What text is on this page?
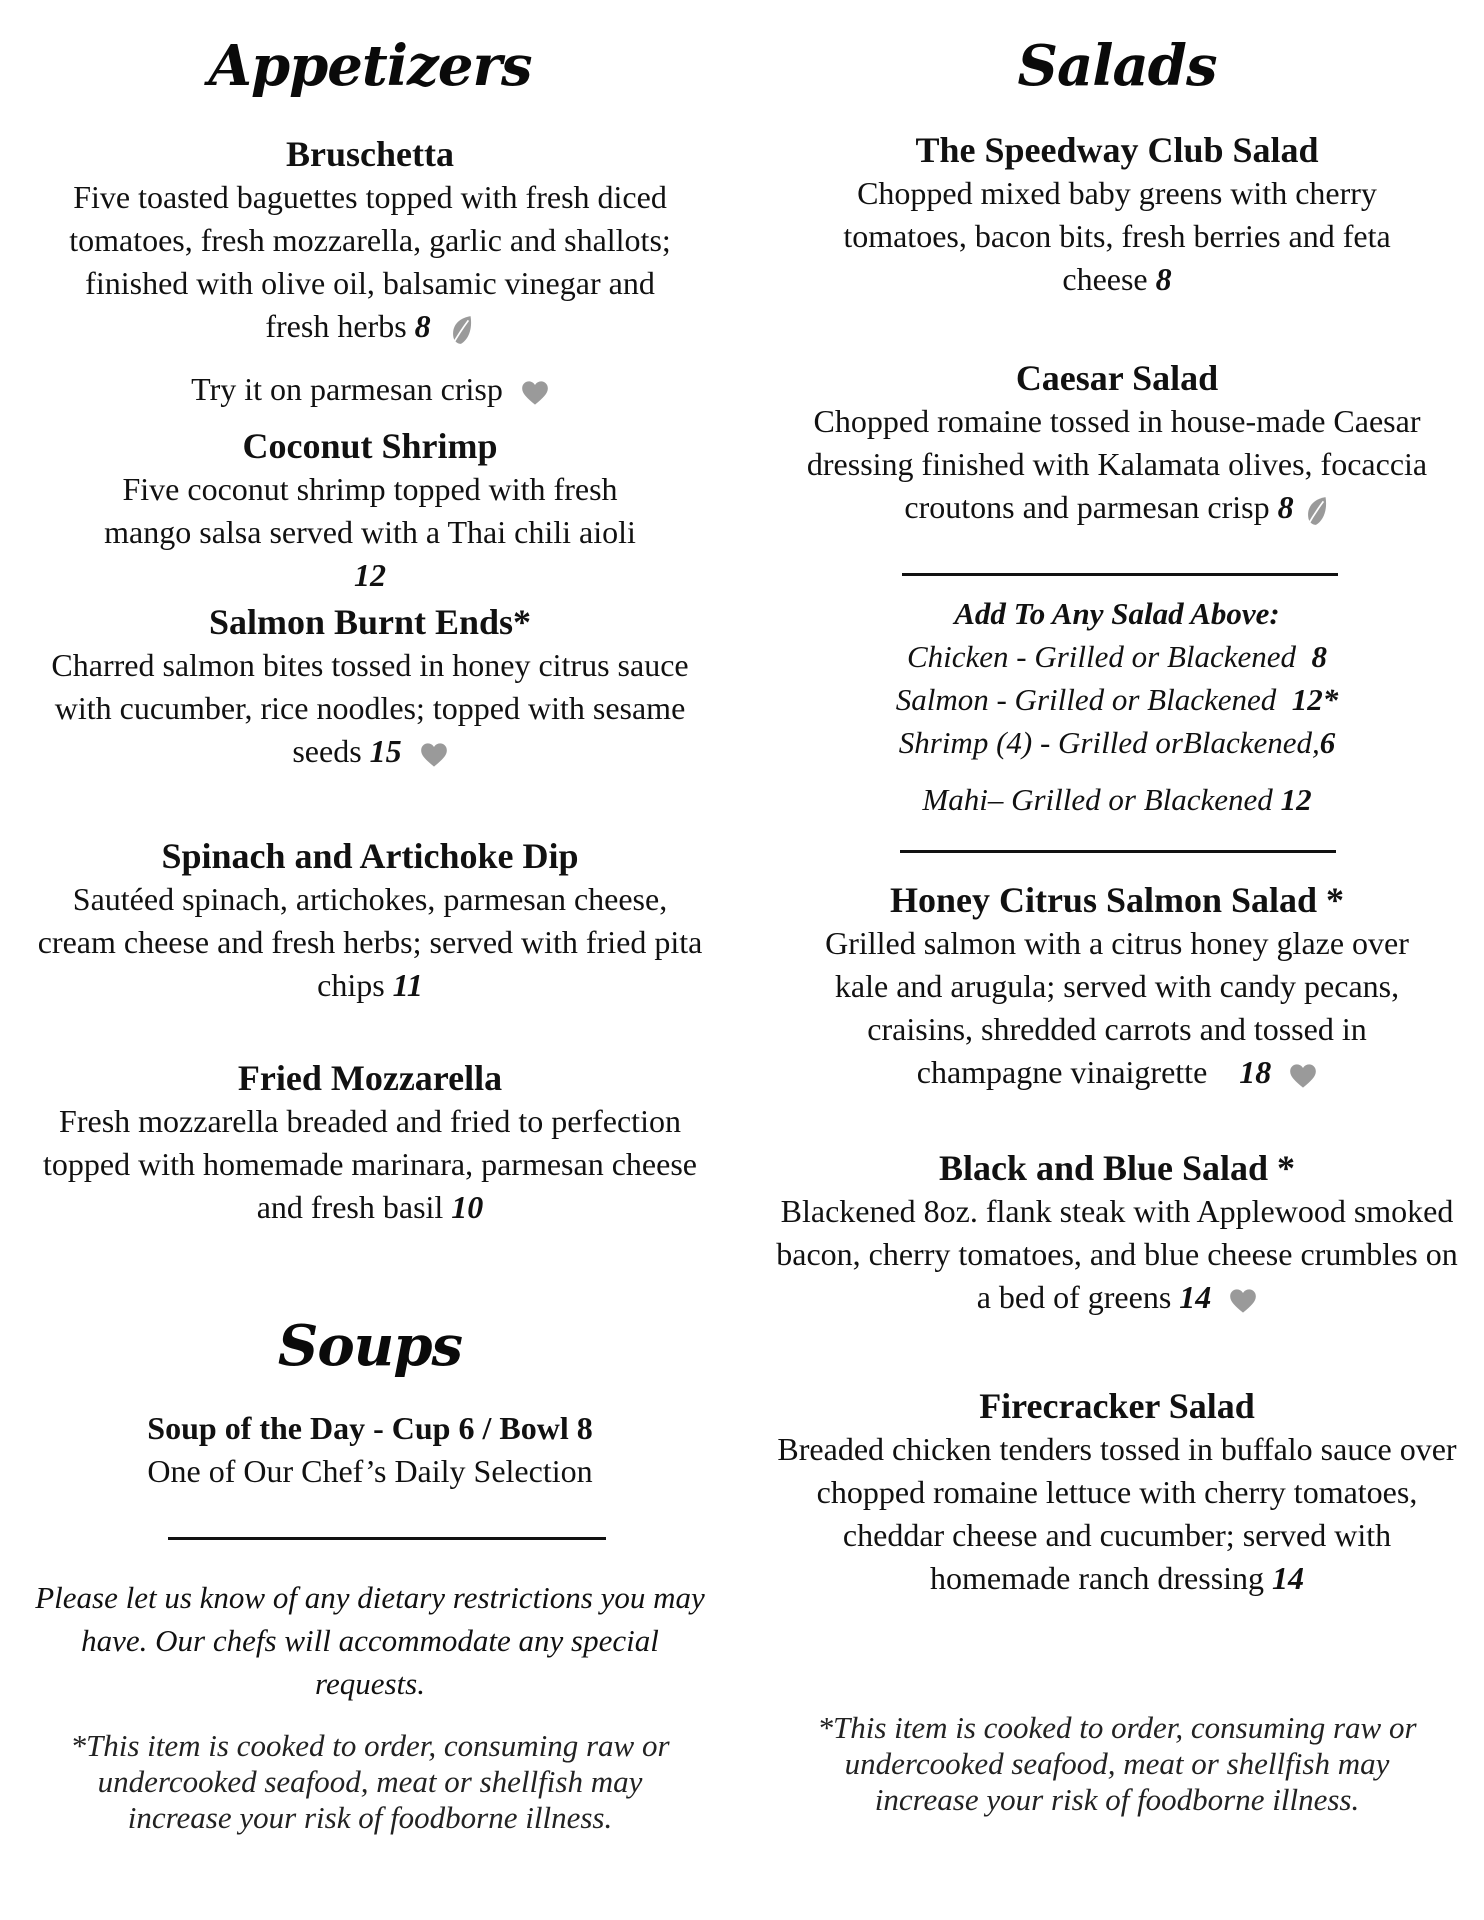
Appetizers
Bruschetta
Five toasted baguettes topped with fresh diced tomatoes, fresh mozzarella, garlic and shallots; finished with olive oil, balsamic vinegar and fresh herbs 8
Try it on parmesan crisp
Coconut Shrimp
Five coconut shrimp topped with fresh mango salsa served with a Thai chili aioli 12
Salmon Burnt Ends*
Charred salmon bites tossed in honey citrus sauce with cucumber, rice noodles; topped with sesame seeds 15
Spinach and Artichoke Dip
Sautéed spinach, artichokes, parmesan cheese, cream cheese and fresh herbs; served with fried pita chips 11
Fried Mozzarella
Fresh mozzarella breaded and fried to perfection topped with homemade marinara, parmesan cheese and fresh basil 10
Soups
Soup of the Day - Cup 6 / Bowl 8
One of Our Chef’s Daily Selection
Please let us know of any dietary restrictions you may have. Our chefs will accommodate any special requests.
*This item is cooked to order, consuming raw or undercooked seafood, meat or shellfish may increase your risk of foodborne illness.
Salads
The Speedway Club Salad
Chopped mixed baby greens with cherry tomatoes, bacon bits, fresh berries and feta cheese 8
Caesar Salad
Chopped romaine tossed in house-made Caesar dressing finished with Kalamata olives, focaccia croutons and parmesan crisp 8
Add To Any Salad Above:
Chicken - Grilled or Blackened 8
Salmon - Grilled or Blackened 12*
Shrimp (4) - Grilled orBlackened,6
Mahi– Grilled or Blackened 12
Honey Citrus Salmon Salad *
Grilled salmon with a citrus honey glaze over kale and arugula; served with candy pecans, craisins, shredded carrots and tossed in champagne vinaigrette 18
Black and Blue Salad *
Blackened 8oz. flank steak with Applewood smoked bacon, cherry tomatoes, and blue cheese crumbles on a bed of greens 14
Firecracker Salad
Breaded chicken tenders tossed in buffalo sauce over chopped romaine lettuce with cherry tomatoes, cheddar cheese and cucumber; served with homemade ranch dressing 14
*This item is cooked to order, consuming raw or undercooked seafood, meat or shellfish may increase your risk of foodborne illness.
